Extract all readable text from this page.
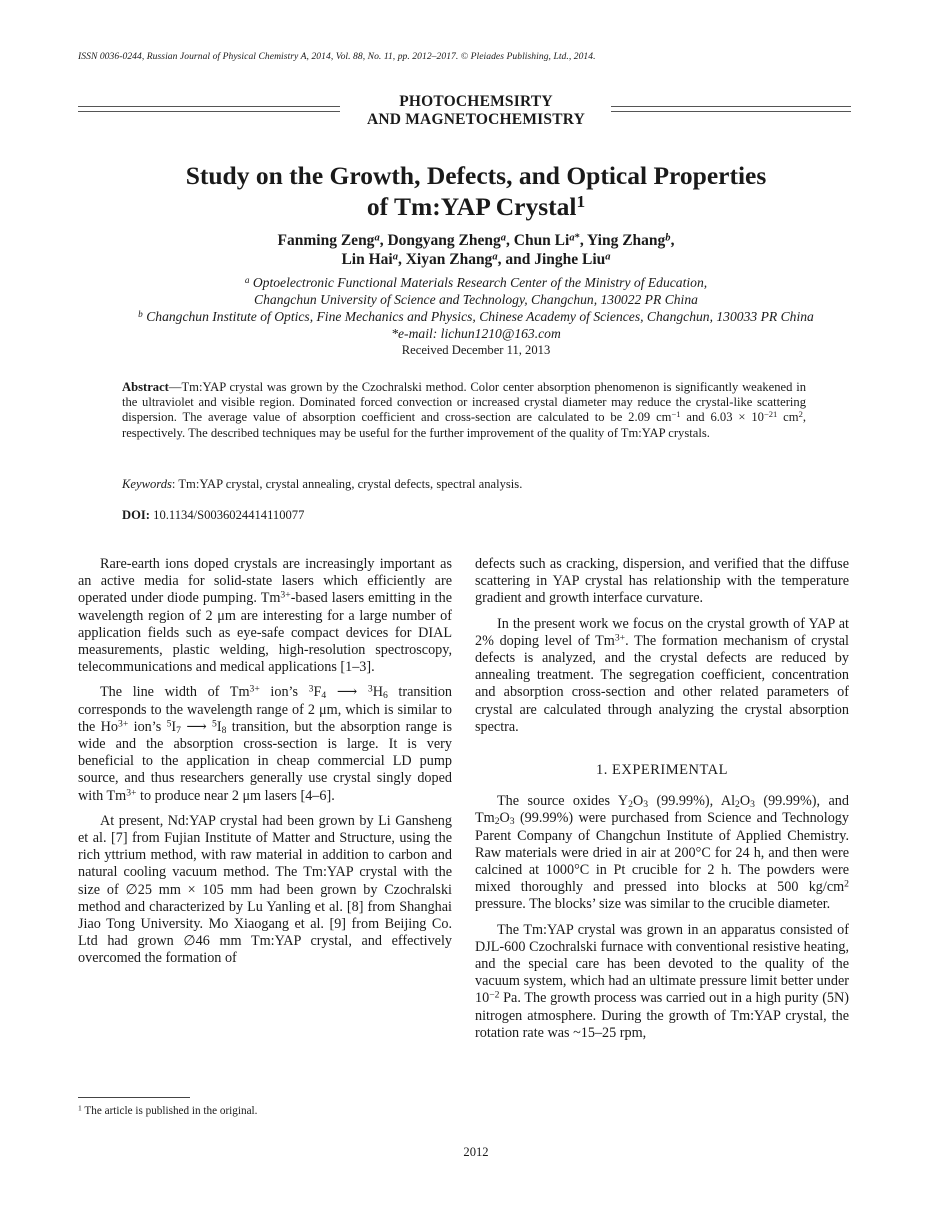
ISSN 0036-0244, Russian Journal of Physical Chemistry A, 2014, Vol. 88, No. 11, pp. 2012–2017. © Pleiades Publishing, Ltd., 2014.
PHOTOCHEMSIRTY
AND MAGNETOCHEMISTRY
Study on the Growth, Defects, and Optical Properties
of Tm:YAP Crystal$^1$
Fanming Zeng$^a$, Dongyang Zheng$^a$, Chun $Li^{a*}$, Ying Zhang$^b$,
Lin Hai$^a$, Xiyan Zhang$^a$, and Jinghe Liu$^a$
$^a$ Optoelectronic Functional Materials Research Center of the Ministry of Education,
Changchun University of Science and Technology, Changchun, 130022 PR China
$^b$ Changchun Institute of Optics, Fine Mechanics and Physics, Chinese Academy of Sciences, Changchun, 130033 PR China
*e-mail: lichun1210@163.com
Received December 11, 2013
Abstract—Tm:YAP crystal was grown by the Czochralski method. Color center absorption phenomenon is significantly weakened in the ultraviolet and visible region. Dominated forced convection or increased crystal diameter may reduce the crystal-like scattering dispersion. The average value of absorption coefficient and cross-section are calculated to be 2.09 $cm^{-1}$ and $6.03 \times 10^{-21}$ $cm^2$, respectively. The described techniques may be useful for the further improvement of the quality of Tm:YAP crystals.
Keywords: Tm:YAP crystal, crystal annealing, crystal defects, spectral analysis.
DOI: 10.1134/S0036024414110077

Rare-earth ions doped crystals are increasingly important as an active media for solid-state lasers which efficiently are operated under diode pumping. $Tm^{3+}$-based lasers emitting in the wavelength region of 2 μm are interesting for a large number of application fields such as eye-safe compact devices for DIAL measurements, plastic welding, high-resolution spectroscopy, telecommunications and medical applications [1–3].

The line width of $Tm^{3+}$ ion’s $^3F_4$ ⟶ $^3H_6$ transition corresponds to the wavelength range of 2 μm, which is similar to the $Ho^{3+}$ ion’s $^5I_7$ ⟶ $^5I_8$ transition, but the absorption range is wide and the absorption cross-section is large. It is very beneficial to the application in cheap commercial LD pump source, and thus researchers generally use crystal singly doped with $Tm^{3+}$ to produce near 2 μm lasers [4–6].

At present, Nd:YAP crystal had been grown by Li Gansheng et al. [7] from Fujian Institute of Matter and Structure, using the rich yttrium method, with raw material in addition to carbon and natural cooling vacuum method. The Tm:YAP crystal with the size of ∅25 mm × 105 mm had been grown by Czochralski method and characterized by Lu Yanling et al. [8] from Shanghai Jiao Tong University. Mo Xiaogang et al. [9] from Beijing Co. Ltd had grown ∅46 mm Tm:YAP crystal, and effectively overcomed the formation of

defects such as cracking, dispersion, and verified that the diffuse scattering in YAP crystal has relationship with the temperature gradient and growth interface curvature.

In the present work we focus on the crystal growth of YAP at 2% doping level of $Tm^{3+}$. The formation mechanism of crystal defects is analyzed, and the crystal defects are reduced by annealing treatment. The segregation coefficient, concentration and absorption cross-section and other related parameters of crystal are calculated through analyzing the crystal absorption spectra.

1. EXPERIMENTAL

The source oxides $Y_2O_3$ (99.99%), $Al_2O_3$ (99.99%), and $Tm_2O_3$ (99.99%) were purchased from Science and Technology Parent Company of Changchun Institute of Applied Chemistry. Raw materials were dried in air at 200°C for 24 h, and then were calcined at 1000°C in Pt crucible for 2 h. The powders were mixed thoroughly and pressed into blocks at 500 $kg/cm^2$ pressure. The blocks’ size was similar to the crucible diameter.

The Tm:YAP crystal was grown in an apparatus consisted of DJL-600 Czochralski furnace with conventional resistive heating, and the special care has been devoted to the quality of the vacuum system, which had an ultimate pressure limit better under $10^{-2}$ Pa. The growth process was carried out in a high purity (5N) nitrogen atmosphere. During the growth of Tm:YAP crystal, the rotation rate was ~15–25 rpm,

$^1$ The article is published in the original.
2012
